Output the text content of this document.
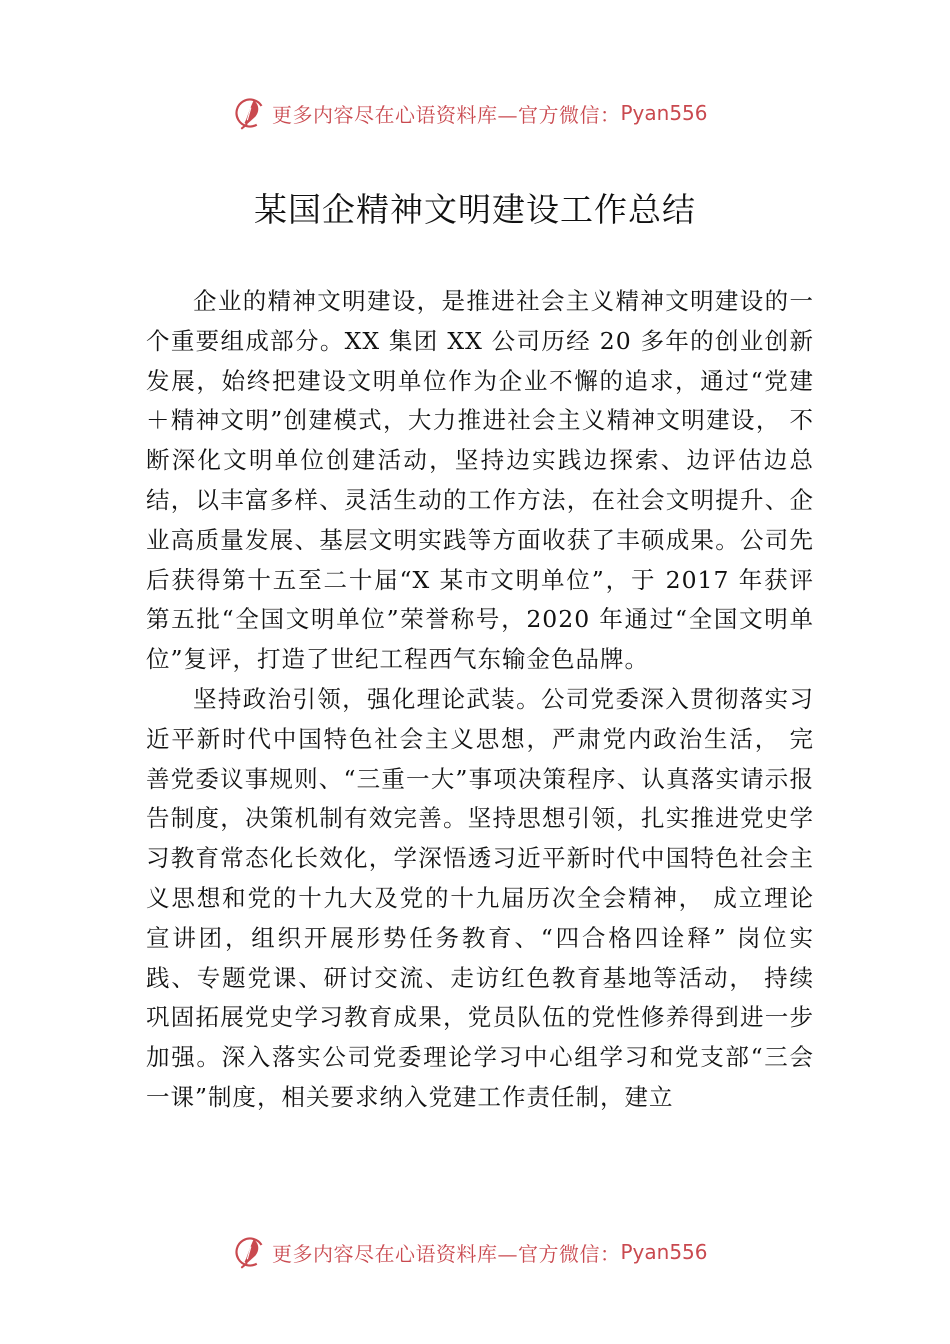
更多内容尽在心语资料库—官方微信： Pyan556
某国企精神文明建设工作总结

企业的精神文明建设，是推进社会主义精神文明建设的一个重要组成部分。XX 集团 XX 公司历经 20 多年的创业创新发展，始终把建设文明单位作为企业不懈的追求，通过“党建＋精神文明”创建模式，大力推进社会主义精神文明建设， 不断深化文明单位创建活动，坚持边实践边探索、边评估边总结，以丰富多样、灵活生动的工作方法，在社会文明提升、企业高质量发展、基层文明实践等方面收获了丰硕成果。公司先后获得第十五至二十届“X 某市文明单位”，于 2017 年获评第五批“全国文明单位”荣誉称号，2020 年通过“全国文明单位”复评，打造了世纪工程西气东输金色品牌。

坚持政治引领，强化理论武装。公司党委深入贯彻落实习近平新时代中国特色社会主义思想，严肃党内政治生活， 完善党委议事规则、“三重一大”事项决策程序、认真落实请示报告制度，决策机制有效完善。坚持思想引领，扎实推进党史学习教育常态化长效化，学深悟透习近平新时代中国特色社会主义思想和党的十九大及党的十九届历次全会精神， 成立理论宣讲团，组织开展形势任务教育、“四合格四诠释” 岗位实践、专题党课、研讨交流、走访红色教育基地等活动， 持续巩固拓展党史学习教育成果，党员队伍的党性修养得到进一步加强。深入落实公司党委理论学习中心组学习和党支部“三会一课”制度，相关要求纳入党建工作责任制，建立

更多内容尽在心语资料库—官方微信： Pyan556
